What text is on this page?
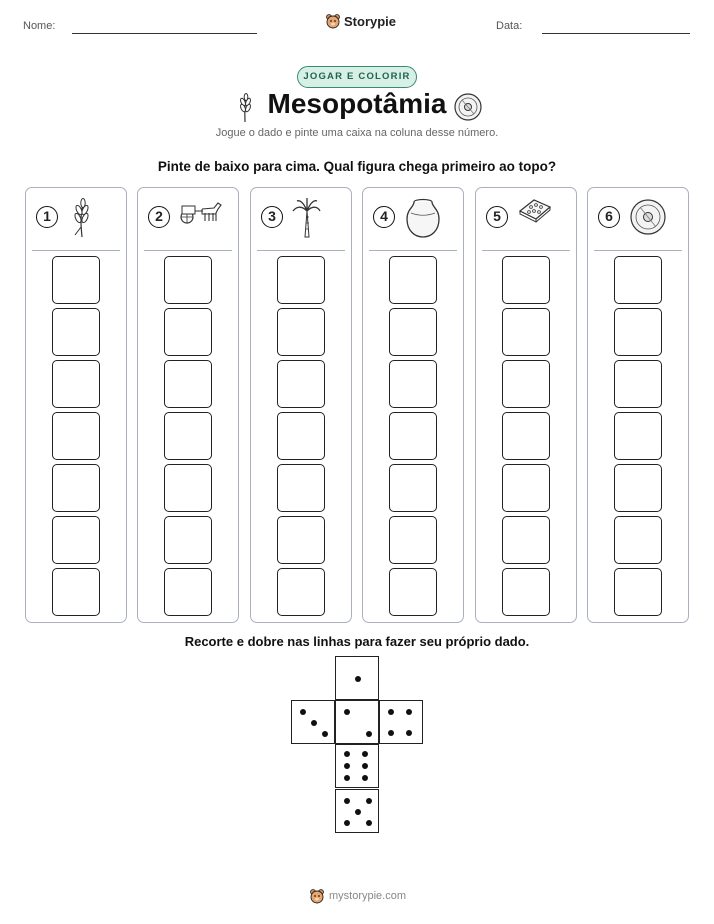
Nome:	Storypie	Data:
JOGAR E COLORIR
Mesopotâmia
Jogue o dado e pinte uma caixa na coluna desse número.
Pinte de baixo para cima. Qual figura chega primeiro ao topo?
1	2	3	4	5	6
Recorte e dobre nas linhas para fazer seu próprio dado.
mystorypie.com
